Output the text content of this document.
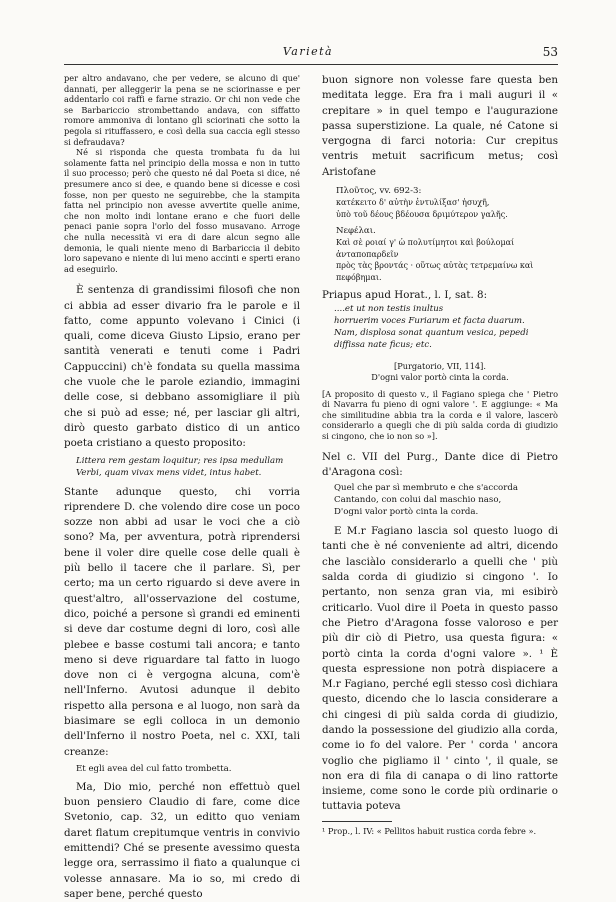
Varietà	53

per altro andavano, che per vedere, se alcuno di que' dannati, per alleggerir la pena se ne sciorinasse e per addentarlo coi raffi e farne strazio. Or chi non vede che se Barbariccio strombettando andava, con siffatto romore ammoniva di lontano gli sciorinati che sotto la pegola si rituffassero, e così della sua caccia egli stesso si defraudava?

Né si risponda che questa trombata fu da lui solamente fatta nel principio della mossa e non in tutto il suo processo; però che questo né dal Poeta si dice, né presumere anco si dee, e quando bene si dicesse e così fosse, non per questo ne seguirebbe, che la stampita fatta nel principio non avesse avvertite quelle anime, che non molto indi lontane erano e che fuori delle penaci panie sopra l'orlo del fosso musavano. Arroge che nulla necessità vi era di dare alcun segno alle demonia, le quali niente meno di Barbariccia il debito loro sapevano e niente di lui meno accinti e sperti erano ad eseguirlo.

È sentenza di grandissimi filosofi che non ci abbia ad esser divario fra le parole e il fatto, come appunto volevano i Cinici (i quali, come diceva Giusto Lipsio, erano per santità venerati e tenuti come i Padri Cappuccini) ch'è fondata su quella massima che vuole che le parole eziandio, immagini delle cose, si debbano assomigliare il più che si può ad esse; né, per lasciar gli altri, dirò questo garbato distico di un antico poeta cristiano a questo proposito:

Littera rem gestam loquitur; res ipsa medullam

Verbi, quam vivax mens videt, intus habet.

Stante adunque questo, chi vorria riprendere D. che volendo dire cose un poco sozze non abbi ad usar le voci che a ciò sono? Ma, per avventura, potrà riprendersi bene il voler dire quelle cose delle quali è più bello il tacere che il parlare. Sì, per certo; ma un certo riguardo si deve avere in quest'altro, all'osservazione del costume, dico, poiché a persone sì grandi ed eminenti si deve dar costume degni di loro, così alle plebee e basse costumi tali ancora; e tanto meno si deve riguardare tal fatto in luogo dove non ci è vergogna alcuna, com'è nell'Inferno. Avutosi adunque il debito rispetto alla persona e al luogo, non sarà da biasimare se egli colloca in un demonio dell'Inferno il nostro Poeta, nel c. XXI, tali creanze:

Et egli avea del cul fatto trombetta.

Ma, Dio mio, perché non effettuò quel buon pensiero Claudio di fare, come dice Svetonio, cap. 32, un editto quo veniam daret flatum crepitumque ventris in convivio emittendi? Ché se presente avessimo questa legge ora, serrassimo il fiato a qualunque ci volesse annasare. Ma io so, mi credo di saper bene, perché questo

buon signore non volesse fare questa ben meditata legge. Era fra i mali auguri il « crepitare » in quel tempo e l'augurazione passa superstizione. La quale, né Catone si vergogna di farci notoria: Cur crepitus ventris metuit sacrificum metus; così Aristofane

Πλοῦτος, vv. 692-3:

κατέκειτο δ' αὐτὴν ἐντυλίξασ' ἡσυχῆ,

ὑπὸ τοῦ δέους βδέουσα δριμύτερον γαλῆς.

Νεφέλαι.

Καὶ σὲ ροιαί γ' ὡ πολυτίμητοι καὶ βούλομαί ἀνταποπαρδεῖν

πρὸς τὰς βροντάς · οὕτως αὐτὰς τετρεμαίνω καὶ πεφόβημαι.

Priapus apud Horat., l. I, sat. 8:

....et ut non testis inultus

horruerim voces Furiarum et facta duarum.

Nam, displosa sonat quantum vesica, pepedi

diffissa nate ficus; etc.

[Purgatorio, VII, 114].

D'ogni valor portò cinta la corda.

[A proposito di questo v., il Fagiano spiega che ' Pietro di Navarra fu pieno di ogni valore '. E aggiunge: « Ma che similitudine abbia tra la corda e il valore, lascerò considerarlo a quegli che di più salda corda di giudizio si cingono, che io non so »].

Nel c. VII del Purg., Dante dice di Pietro d'Aragona così:

Quel che par sì membruto e che s'accorda

Cantando, con colui dal maschio naso,

D'ogni valor portò cinta la corda.

E M.r Fagiano lascia sol questo luogo di tanti che è né conveniente ad altri, dicendo che lasciàlo considerarlo a quelli che ' più salda corda di giudizio si cingono '. Io pertanto, non senza gran via, mi esibirò criticarlo. Vuol dire il Poeta in questo passo che Pietro d'Aragona fosse valoroso e per più dir ciò di Pietro, usa questa figura: « portò cinta la corda d'ogni valore ». ¹ È questa espressione non potrà dispiacere a M.r Fagiano, perché egli stesso così dichiara questo, dicendo che lo lascia considerare a chi cingesi di più salda corda di giudizio, dando la possessione del giudizio alla corda, come io fo del valore. Per ' corda ' ancora voglio che pigliamo il ' cinto ', il quale, se non era di fila di canapa o di lino rattorte insieme, come sono le corde più ordinarie o tuttavia poteva

¹ Prop., l. IV: « Pellitos habuit rustica corda febre ».
